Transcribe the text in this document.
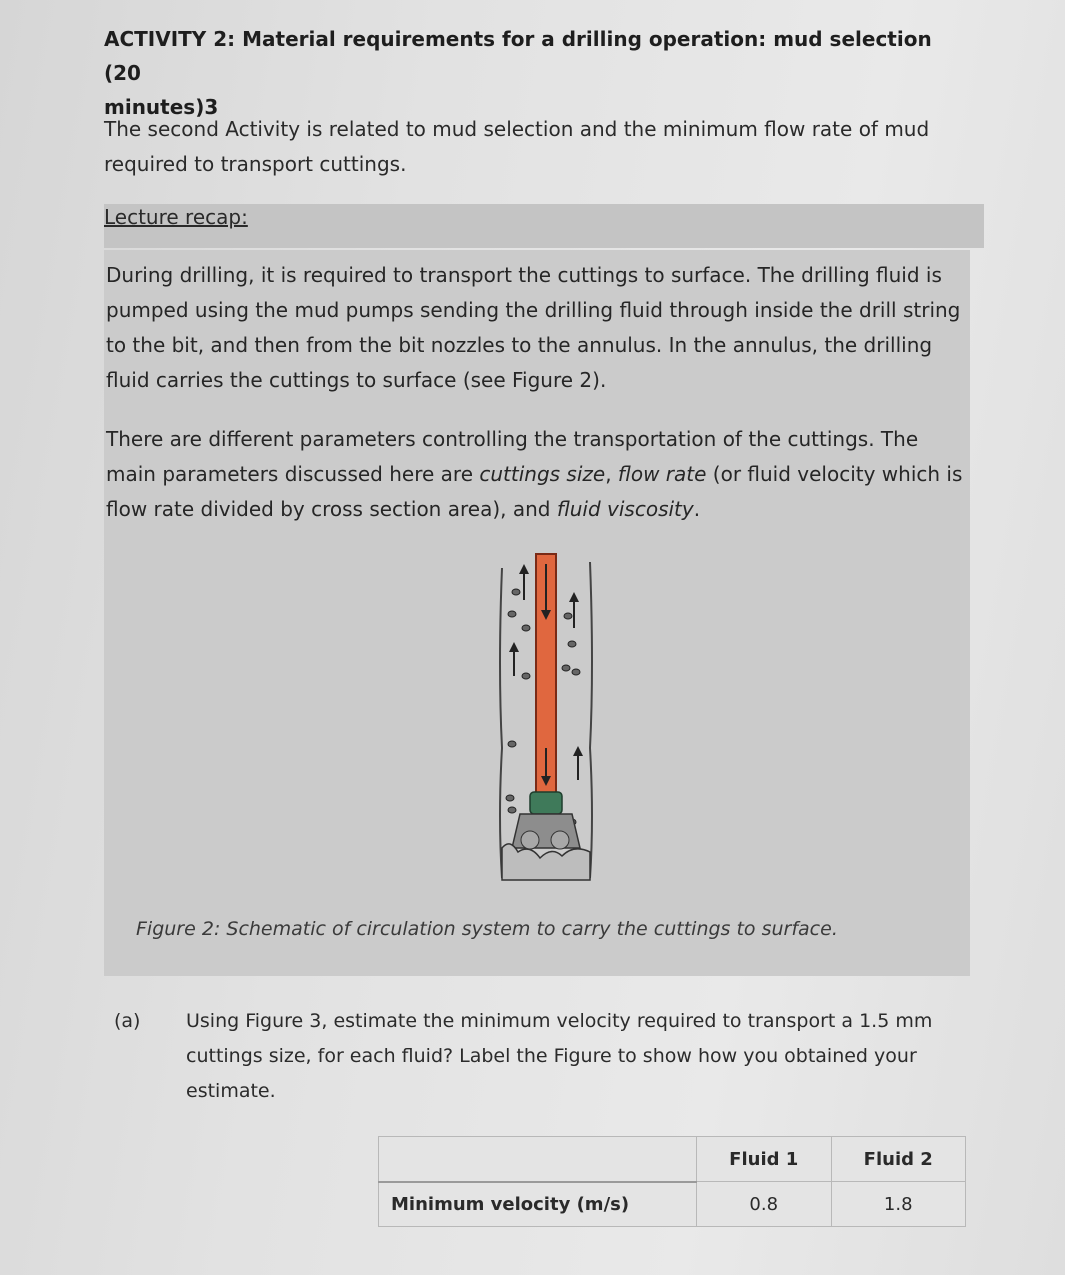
ACTIVITY 2: Material requirements for a drilling operation: mud selection (20
minutes)3
The second Activity is related to mud selection and the minimum flow rate of mud
required to transport cuttings.
Lecture recap:
During drilling, it is required to transport the cuttings to surface. The drilling fluid is
pumped using the mud pumps sending the drilling fluid through inside the drill string
to the bit, and then from the bit nozzles to the annulus. In the annulus, the drilling
fluid carries the cuttings to surface (see Figure 2).
There are different parameters controlling the transportation of the cuttings. The
main parameters discussed here are cuttings size, flow rate (or fluid velocity which is
flow rate divided by cross section area), and fluid viscosity.
Figure 2: Schematic of circulation system to carry the cuttings to surface.
(a) Using Figure 3, estimate the minimum velocity required to transport a 1.5 mm
cuttings size, for each fluid? Label the Figure to show how you obtained your
estimate.
	Fluid 1	Fluid 2
Minimum velocity (m/s)	0.8	1.8
